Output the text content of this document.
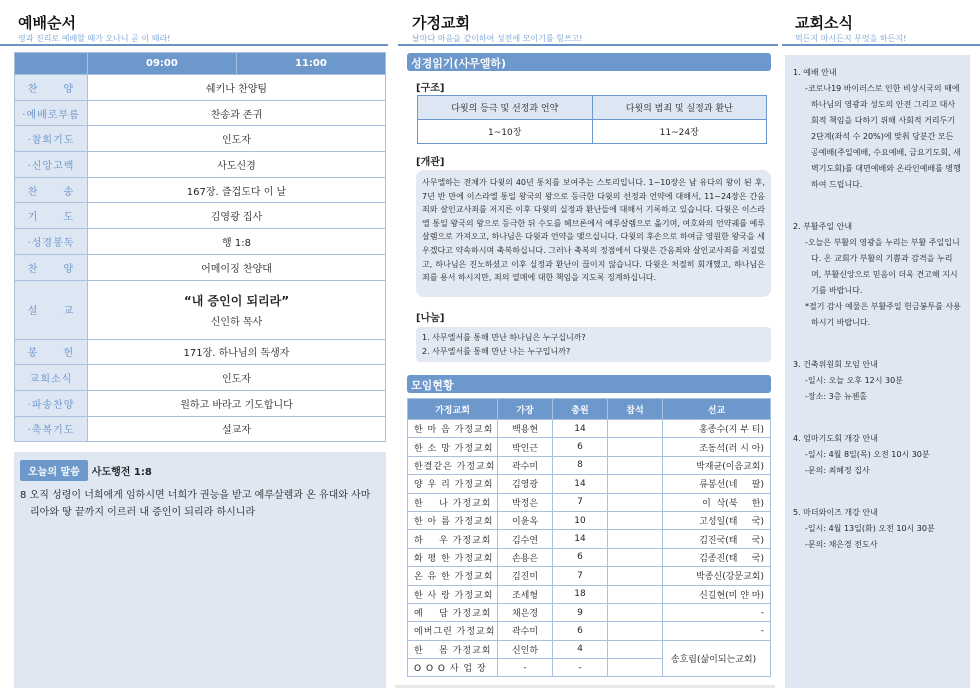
예배순서
영과 진리로 예배할 때가 오나니 곧 이 때라!
	09:00	11:00
찬      양	쉐키나 찬양팀	
·예배로부름	찬송과 존귀	
·참회기도	인도자	
·신앙고백	사도신경	
찬      송	167장. 즐겁도다 이 날	
기      도	김영광 집사	
·성경봉독	행 1:8	
찬      양	어메이징 찬양대	
설      교	“내 증인이 되리라”
신인하 목사	

봉      헌	171장. 하나님의 독생자	
교회소식	인도자	
·파송찬양	원하고 바라고 기도합니다	
·축복기도	설교자	
오늘의 말씀 사도행전 1:8
8 오직 성령이 너희에게 임하시면 너희가 권능을 받고 예루살렘과 온 유대와 사마리아와 땅 끝까지 이르러 내 증인이 되리라 하시니라
가정교회
날마다 마음을 같이하여 성전에 모이기를 힘쓰고!
성경읽기(사무엘하)
[구조]
다윗의 등극 및 선정과 언약	다윗의 범죄 및 실정과 환난
1~10장	11~24장
[개관]
사무엘하는 전체가 다윗의 40년 통치를 보여주는 스토리입니다. 1~10장은 남 유다의 왕이 된 후, 7년 반 만에 이스라엘 통일 왕국의 왕으로 등극한 다윗의 선정과 언약에 대해서, 11~24장은 간음죄와 살인교사죄를 저지른 이후 다윗의 실정과 환난들에 대해서 기록하고 있습니다. 다윗은 이스라엘 통일 왕국의 왕으로 등극한 뒤 수도를 헤브론에서 예루살렘으로 옮기며, 여호와의 언약궤를 예루살렘으로 가져오고, 하나님은 다윗과 언약을 맺으십니다. 다윗의 후손으로 하여금 영원한 왕국을 세우겠다고 약속하시며 축복하십니다. 그러나 축복의 정점에서 다윗은 간음죄와 살인교사죄를 저질렀고, 하나님은 진노하셨고 이후 실정과 환난이 끊이지 않습니다. 다윗은 처절히 회개했고, 하나님은 죄를 용서 하시지만, 죄의 열매에 대한 책임을 지도록 징계하십니다.
[나눔]
1. 사무엘서를 통해 만난 하나님은 누구십니까?
2. 사무엘서를 통해 만난 나는 누구입니까?
모임현황
가정교회	가장	총원	참석	선교
한 마 음 가정교회	백용현	14		홍종수(지 부 티)
한 소 망 가정교회	박인근	6		조동석(러 시 아)
한결같은 가정교회	곽수미	8		박재균(이음교회)
양 우 리 가정교회	김영광	14		류봉선(네     팔)
한    나 가정교회	박정은	7		이  삭(북     한)
한 아 름 가정교회	이윤옥	10		고성일(태     국)
하    우 가정교회	김수연	14		김진국(태     국)
화 평 한 가정교회	손용은	6		김종진(태     국)
온 유 한 가정교회	김진미	7		박종신(강문교회)
한 사 랑 가정교회	조세형	18		신길현(미 얀 마)
예    담 가정교회	채은경	9		-
에버그린 가정교회	곽수미	6		-
한    몸 가정교회	신인하	4		송호림(삶이되는교회)
O O O 사 업 장	-	-		
교회소식
먹든지 마시든지 무엇을 하든지!
1. 예배 안내
-코로나19 바이러스로 인한 비상시국의 때에 하나님의 영광과 성도의 안전 그리고 대사회적 책임을 다하기 위해 사회적 거리두기 2단계(좌석 수 20%)에 맞춰 당분간 모든 공예배(주일예배, 수요예배, 금요기도회, 새벽기도회)를 대면예배와 온라인예배를 병행하여 드립니다.
2. 부활주일 안내
-오늘은 부활의 영광을 누리는 부활 주일입니다. 온 교회가 부활의 기쁨과 감격을 누리며, 부활신앙으로 믿음이 더욱 견고해 지시기를 바랍니다.
*절기 감사 예물은 부활주일 헌금봉투를 사용하시기 바랍니다.
3. 건축위원회 모임 안내
-일시: 오늘 오후 12시 30분
-장소: 3층 뉴젠홀
4. 엄마기도회 개강 안내
-일시: 4월 8일(목) 오전 10시 30분
-문의: 최혜정 집사
5. 마더와이즈 개강 안내
-일시: 4월 13일(화) 오전 10시 30분
-문의: 채은경 전도사
